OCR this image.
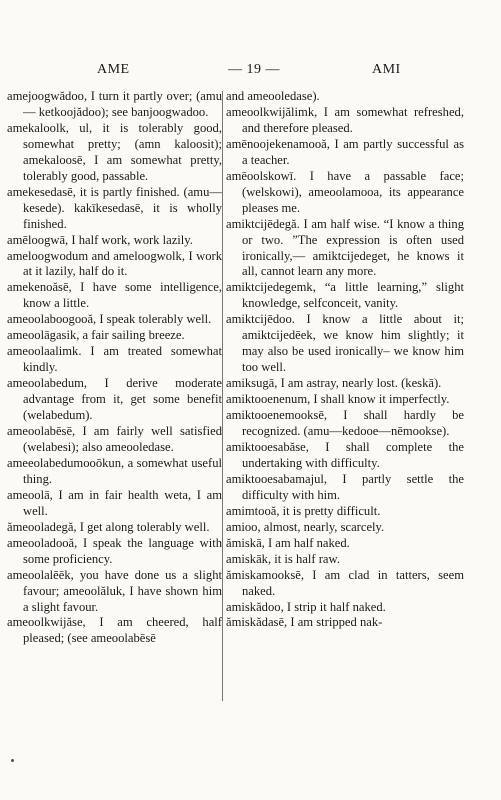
AME	— 19 —	AMI

amejoogwădoo, I turn it partly over; (amu — ketkoojădoo); see banjoogwadoo.

amekaloolk, ul, it is tolerably good, somewhat pretty; (amn kaloosit); amekaloosē, I am somewhat pretty, tolerably good, passable.

amekesedasē, it is partly finished. (amu—kesede). kakīkesedasē, it is wholly finished.

amēloogwā, I half work, work lazily.

ameloogwodum and ameloogwolk, I work at it lazily, half do it.

amekenoăsē, I have some intelligence, know a little.

ameoolaboogooă, I speak tolerably well.

ameoolāgasik, a fair sailing breeze.

ameoolaalimk. I am treated somewhat kindly.

ameoolabedum, I derive moderate advantage from it, get some benefit (welabedum).

ameoolabēsē, I am fairly well satisfied (welabesi); also ameooledase.

ameeolabedumooōkun, a somewhat useful thing.

ameoolā, I am in fair health weta, I am well.

ămeooladegă, I get along tolerably well.

ameooladooă, I speak the language with some proficiency.

ameoolalēēk, you have done us a slight favour; ameoolăluk, I have shown him a slight favour.

ameoolkwijăse, I am cheered, half pleased; (see ameoolabēsē

and ameooledase).

ameoolkwijălimk, I am somewhat refreshed, and therefore pleased.

amēnoojekenamooă, I am partly successful as a teacher.

amēoolskowī. I have a passable face; (welskowi), ameoolamooa, its appearance pleases me.

amiktcijēdegă. I am half wise. “I know a thing or two. ”The expression is often used ironically,— amiktcijedeget, he knows it all, cannot learn any more.

amiktcijedegemk, “a little learning,” slight knowledge, selfconceit, vanity.

amiktcijēdoo. I know a little about it; amiktcijedēek, we know him slightly; it may also be used ironically– we know him too well.

amiksugā, I am astray, nearly lost. (keskā).

amiktooenenum, I shall know it imperfectly.

amiktooenemooksē, I shall hardly be recognized. (amu—kedooe—nēmookse).

amiktooesabăse, I shall complete the undertaking with difficulty.

amiktooesabamajul, I partly settle the difficulty with him.

amimtooă, it is pretty difficult.

amioo, almost, nearly, scarcely.

ămiskā, I am half naked.

amiskāk, it is half raw.

ămiskamooksē, I am clad in tatters, seem naked.

amiskădoo, I strip it half naked.

ămiskădasē, I am stripped nak-
